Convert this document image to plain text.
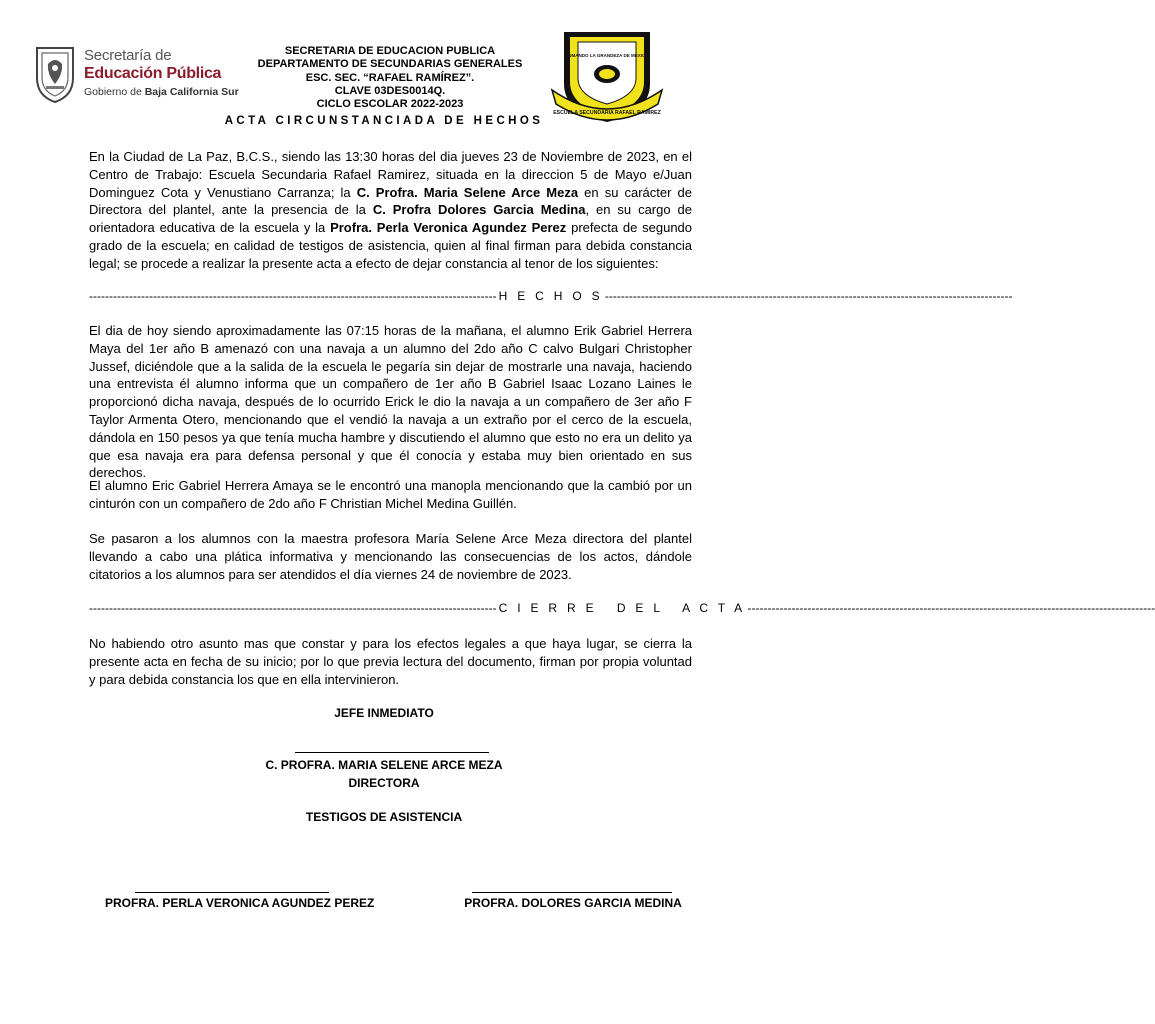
Secretaría de
Educación Pública
Gobierno de Baja California Sur
SECRETARIA DE EDUCACION PUBLICA
DEPARTAMENTO DE SECUNDARIAS GENERALES
ESC. SEC. “RAFAEL RAMÍREZ”.
CLAVE 03DES0014Q.
CICLO ESCOLAR 2022-2023
SUMANDO LA GRANDEZA DE MEXICO
ESCUELA SECUNDARIA RAFAEL RAMIREZ
ACTA CIRCUNSTANCIADA DE HECHOS
En la Ciudad de La Paz, B.C.S., siendo las 13:30 horas del dia jueves 23 de Noviembre de 2023, en el Centro de Trabajo: Escuela Secundaria Rafael Ramirez, situada en la direccion 5 de Mayo e/Juan Dominguez Cota y Venustiano Carranza; la C. Profra. Maria Selene Arce Meza en su carácter de Directora del plantel, ante la presencia de la C. Profra Dolores Garcia Medina, en su cargo de orientadora educativa de la escuela y la Profra. Perla Veronica Agundez Perez prefecta de segundo grado de la escuela; en calidad de testigos de asistencia, quien al final firman para debida constancia legal; se procede a realizar la presente acta a efecto de dejar constancia al tenor de los siguientes:
------------------------------------------------------------------------------------------------------ H E C H O S ------------------------------------------------------------------------------------------------------
El dia de hoy siendo aproximadamente las 07:15 horas de la mañana, el alumno Erik Gabriel Herrera Maya del 1er año B amenazó con una navaja a un alumno del 2do año C calvo Bulgari Christopher Jussef, diciéndole que a la salida de la escuela le pegaría sin dejar de mostrarle una navaja, haciendo una entrevista él alumno informa que un compañero de 1er año B Gabriel Isaac Lozano Laines le proporcionó dicha navaja, después de lo ocurrido Erick le dio la navaja a un compañero de 3er año F Taylor Armenta Otero, mencionando que el vendió la navaja a un extraño por el cerco de la escuela, dándola en 150 pesos ya que tenía mucha hambre y discutiendo el alumno que esto no era un delito ya que esa navaja era para defensa personal y que él conocía y estaba muy bien orientado en sus derechos.
El alumno Eric Gabriel Herrera Amaya se le encontró una manopla mencionando que la cambió por un cinturón con un compañero de 2do año F Christian Michel Medina Guillén.
Se pasaron a los alumnos con la maestra profesora María Selene Arce Meza directora del plantel llevando a cabo una plática informativa y mencionando las consecuencias de los actos, dándole citatorios a los alumnos para ser atendidos el día viernes 24 de noviembre de 2023.
------------------------------------------------------------------------------------------------------ C I E R R E   D E L   A C T A ------------------------------------------------------------------------------------------------------
No habiendo otro asunto mas que constar y para los efectos legales a que haya lugar, se cierra la presente acta en fecha de su inicio; por lo que previa lectura del documento, firman por propia voluntad y para debida constancia los que en ella intervinieron.
JEFE INMEDIATO
C. PROFRA. MARIA SELENE ARCE MEZA
DIRECTORA
TESTIGOS DE ASISTENCIA
PROFRA. PERLA VERONICA AGUNDEZ PEREZ	PROFRA. DOLORES GARCIA MEDINA
